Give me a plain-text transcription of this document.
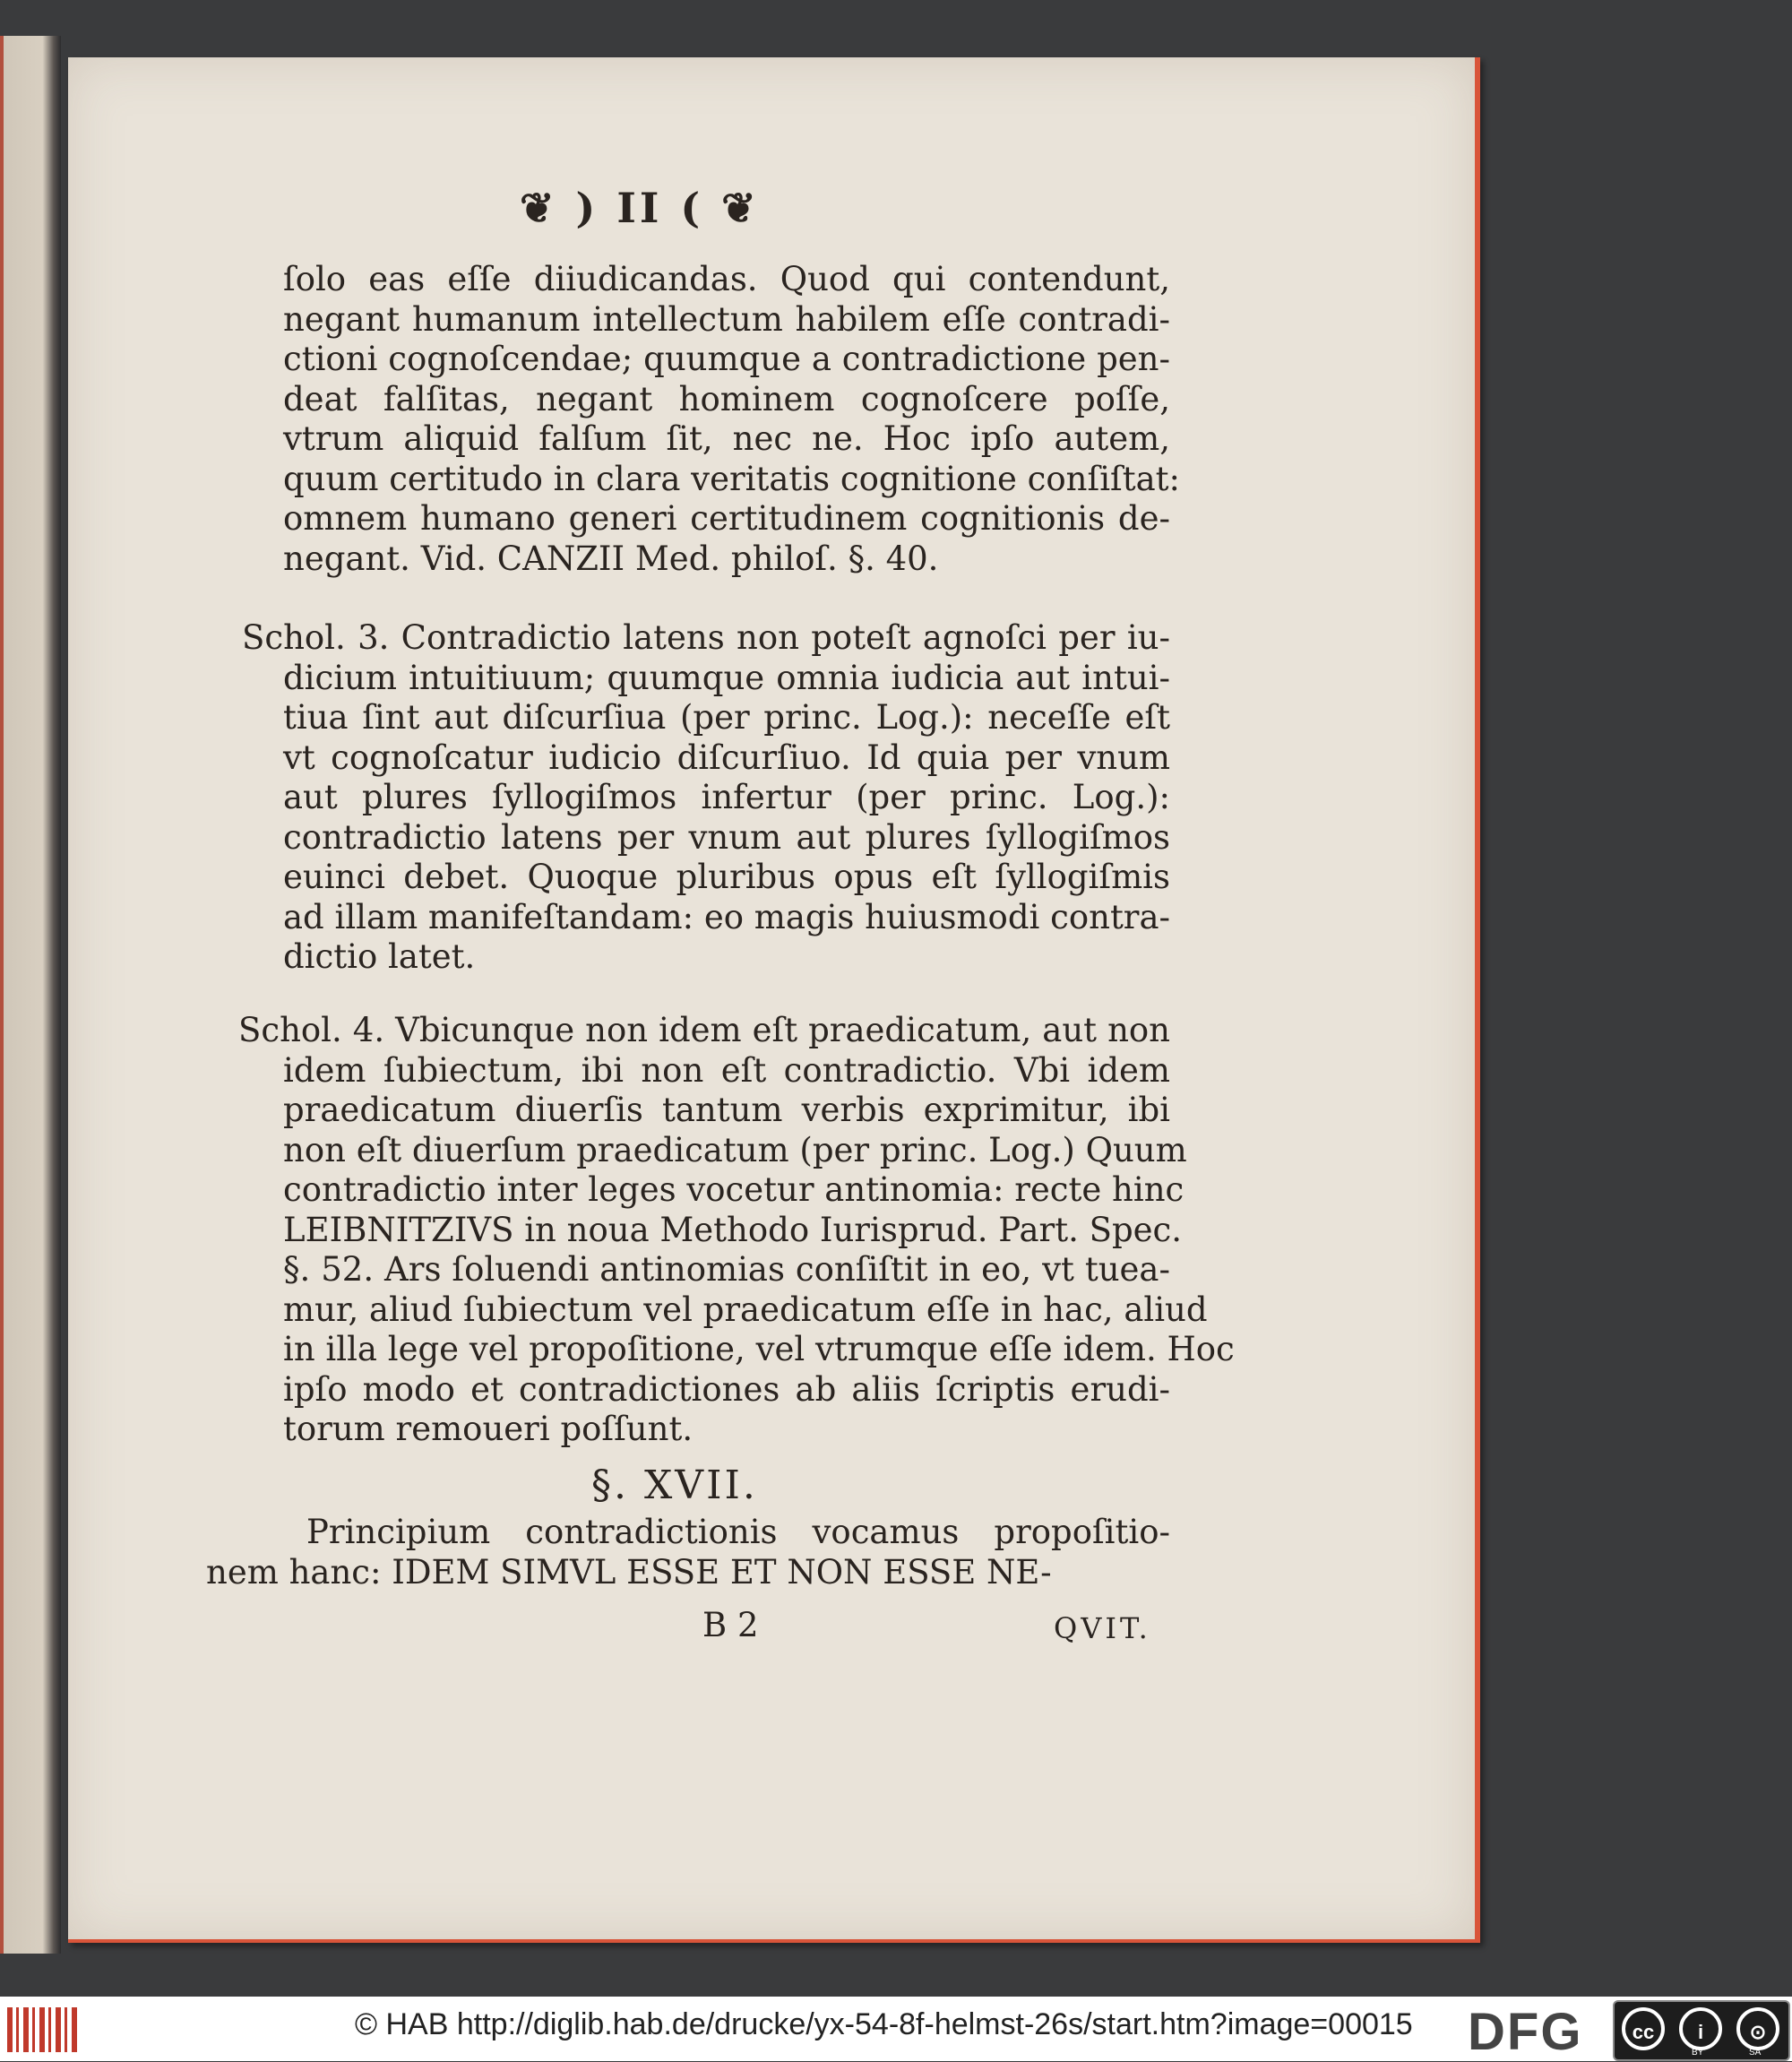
❦ ) II ( ❦
ſolo eas eſſe diiudicandas. Quod qui contendunt,
negant humanum intellectum habilem eſſe contradi-
ctioni cognoſcendae; quumque a contradictione pen-
deat falſitas, negant hominem cognoſcere poſſe,
vtrum aliquid falſum ſit, nec ne. Hoc ipſo autem,
quum certitudo in clara veritatis cognitione conſiſtat:
omnem humano generi certitudinem cognitionis de-
negant. Vid. CANZII Med. philoſ. §. 40.
Schol. 3. Contradictio latens non poteſt agnoſci per iu-
dicium intuitiuum; quumque omnia iudicia aut intui-
tiua ſint aut diſcurſiua (per princ. Log.): neceſſe eſt
vt cognoſcatur iudicio diſcurſiuo. Id quia per vnum
aut plures ſyllogiſmos infertur (per princ. Log.):
contradictio latens per vnum aut plures ſyllogiſmos
euinci debet. Quoque pluribus opus eſt ſyllogiſmis
ad illam manifeſtandam: eo magis huiusmodi contra-
dictio latet.
Schol. 4. Vbicunque non idem eſt praedicatum, aut non
idem ſubiectum, ibi non eſt contradictio. Vbi idem
praedicatum diuerſis tantum verbis exprimitur, ibi
non eſt diuerſum praedicatum (per princ. Log.) Quum
contradictio inter leges vocetur antinomia: recte hinc
LEIBNITZIVS in noua Methodo Iurisprud. Part. Spec.
§. 52. Ars ſoluendi antinomias conſiſtit in eo, vt tuea-
mur, aliud ſubiectum vel praedicatum eſſe in hac, aliud
in illa lege vel propoſitione, vel vtrumque eſſe idem. Hoc
ipſo modo et contradictiones ab aliis ſcriptis erudi-
torum remoueri poſſunt.
§. XVII.
Principium contradictionis vocamus propoſitio-
nem hanc: IDEM SIMVL ESSE ET NON ESSE NE-
B 2	QVIT.
© HAB http://diglib.hab.de/drucke/yx-54-8f-helmst-26s/start.htm?image=00015 DFG	cc	i	⊙
BY	SA
